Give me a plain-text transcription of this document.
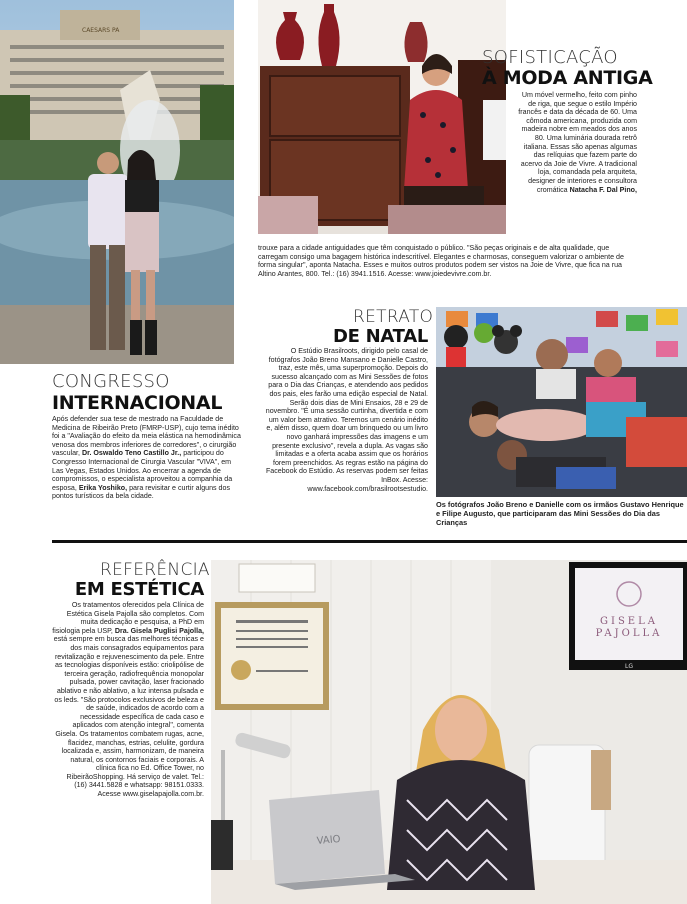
CAESARS PA
SOFISTICAÇÃO
À MODA ANTIGA
Um móvel vermelho, feito com pinho de riga, que segue o estilo Império francês e data da década de 60. Uma cômoda americana, produzida com madeira nobre em meados dos anos 80. Uma luminária dourada retrô italiana. Essas são apenas algumas das relíquias que fazem parte do acervo da Joie de Vivre. A tradicional loja, comandada pela arquiteta, designer de interiores e consultora cromática Natacha F. Dal Pino,
trouxe para a cidade antiguidades que têm conquistado o público. "São peças originais e de alta qualidade, que carregam consigo uma bagagem histórica indescritível. Elegantes e charmosas, conseguem valorizar o ambiente de forma singular", aponta Natacha. Esses e muitos outros produtos podem ser vistos na Joie de Vivre, que fica na rua Altino Arantes, 800. Tel.: (16) 3941.1516. Acesse: www.joiedevivre.com.br.
CONGRESSO
INTERNACIONAL
Após defender sua tese de mestrado na Faculdade de Medicina de Ribeirão Preto (FMRP-USP), cujo tema inédito foi a "Avaliação do efeito da meia elástica na hemodinâmica venosa dos membros inferiores de corredores", o cirurgião vascular, Dr. Oswaldo Teno Castillo Jr., participou do Congresso Internacional de Cirurgia Vascular "VIVA", em Las Vegas, Estados Unidos. Ao encerrar a agenda de compromissos, o especialista aproveitou a companhia da esposa, Erika Yoshiko, para revisitar e curtir alguns dos pontos turísticos da bela cidade.
RETRATO
DE NATAL
O Estúdio Brasilroots, dirigido pelo casal de fotógrafos João Breno Mansano e Danielle Castro, traz, este mês, uma superpromoção. Depois do sucesso alcançado com as Mini Sessões de fotos para o Dia das Crianças, e atendendo aos pedidos dos pais, eles farão uma edição especial de Natal. Serão dois dias de Mini Ensaios, 28 e 29 de novembro. "É uma sessão curtinha, divertida e com um valor bem atrativo. Teremos um cenário inédito e, além disso, quem doar um brinquedo ou um livro novo ganhará impressões das imagens e um presente exclusivo", revela a dupla. As vagas são limitadas e a oferta acaba assim que os horários forem preenchidos. As regras estão na página do Facebook do Estúdio. As reservas podem ser feitas InBox. Acesse: www.facebook.com/brasilrootsestudio.
Os fotógrafos João Breno e Danielle com os irmãos Gustavo Henrique e Filipe Augusto, que participaram das Mini Sessões do Dia das Crianças
REFERÊNCIA
EM ESTÉTICA
Os tratamentos oferecidos pela Clínica de Estética Gisela Pajolla são completos. Com muita dedicação e pesquisa, a PhD em fisiologia pela USP, Dra. Gisela Puglisi Pajolla, está sempre em busca das melhores técnicas e dos mais consagrados equipamentos para revitalização e rejuvenescimento da pele. Entre as tecnologias disponíveis estão: criolipólise de terceira geração, radiofrequência monopolar pulsada, power cavitação, laser fracionado ablativo e não ablativo, a luz intensa pulsada e os leds. "São protocolos exclusivos de beleza e de saúde, indicados de acordo com a necessidade específica de cada caso e aplicados com atenção integral", comenta Gisela. Os tratamentos combatem rugas, acne, flacidez, manchas, estrias, celulite, gordura localizada e, assim, harmonizam, de maneira natural, os contornos faciais e corporais. A clínica fica no Ed. Office Tower, no RibeirãoShopping. Há serviço de valet. Tel.: (16) 3441.5828 e whatsapp: 98151.0333. Acesse www.giselapajolla.com.br.
GISELA
PAJOLLA
LG
VAIO
